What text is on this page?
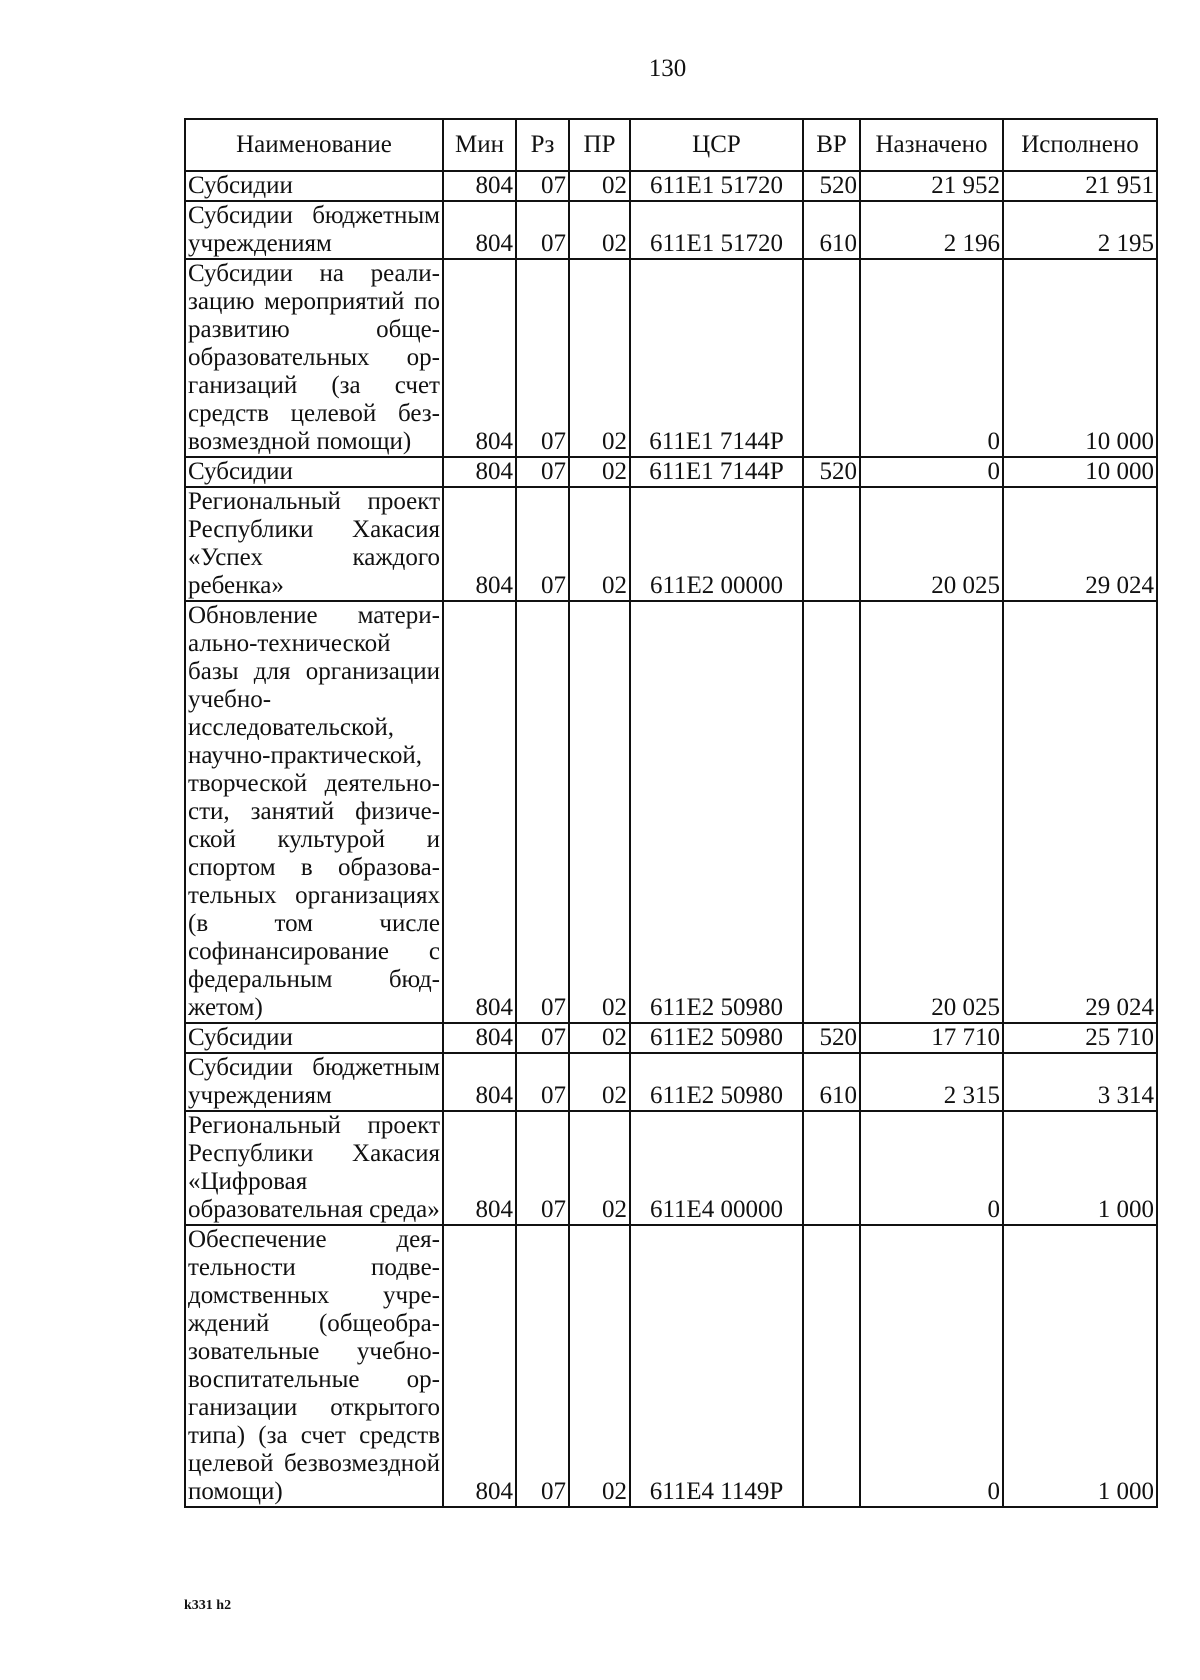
130
Наименование	Мин	Рз	ПР	ЦСР	ВР	Назначено	Исполнено
Субсидии	804	07	02	611E1 51720	520	21 952	21 951
Субсидии бюджетным учреждениям	804	07	02	611E1 51720	610	2 196	2 195
Субсидии на реализацию мероприятий по развитию общеобразовательных организаций (за счет средств целевой безвозмездной помощи)	804	07	02	611E1 7144P		0	10 000
Субсидии	804	07	02	611E1 7144P	520	0	10 000
Региональный проект Республики Хакасия «Успех каждого ребенка»	804	07	02	611E2 00000		20 025	29 024
Обновление материально-технической базы для организации учебно-исследовательской, научно-практической, творческой деятельности, занятий физической культурой и спортом в образовательных организациях (в том числе софинансирование с федеральным бюджетом)	804	07	02	611E2 50980		20 025	29 024
Субсидии	804	07	02	611E2 50980	520	17 710	25 710
Субсидии бюджетным учреждениям	804	07	02	611E2 50980	610	2 315	3 314
Региональный проект Республики Хакасия «Цифровая образовательная среда»	804	07	02	611E4 00000		0	1 000
Обеспечение деятельности подведомственных учреждений (общеобразовательные учебно-воспитательные организации открытого типа) (за счет средств целевой безвозмездной помощи)	804	07	02	611E4 1149P		0	1 000
k331 h2
